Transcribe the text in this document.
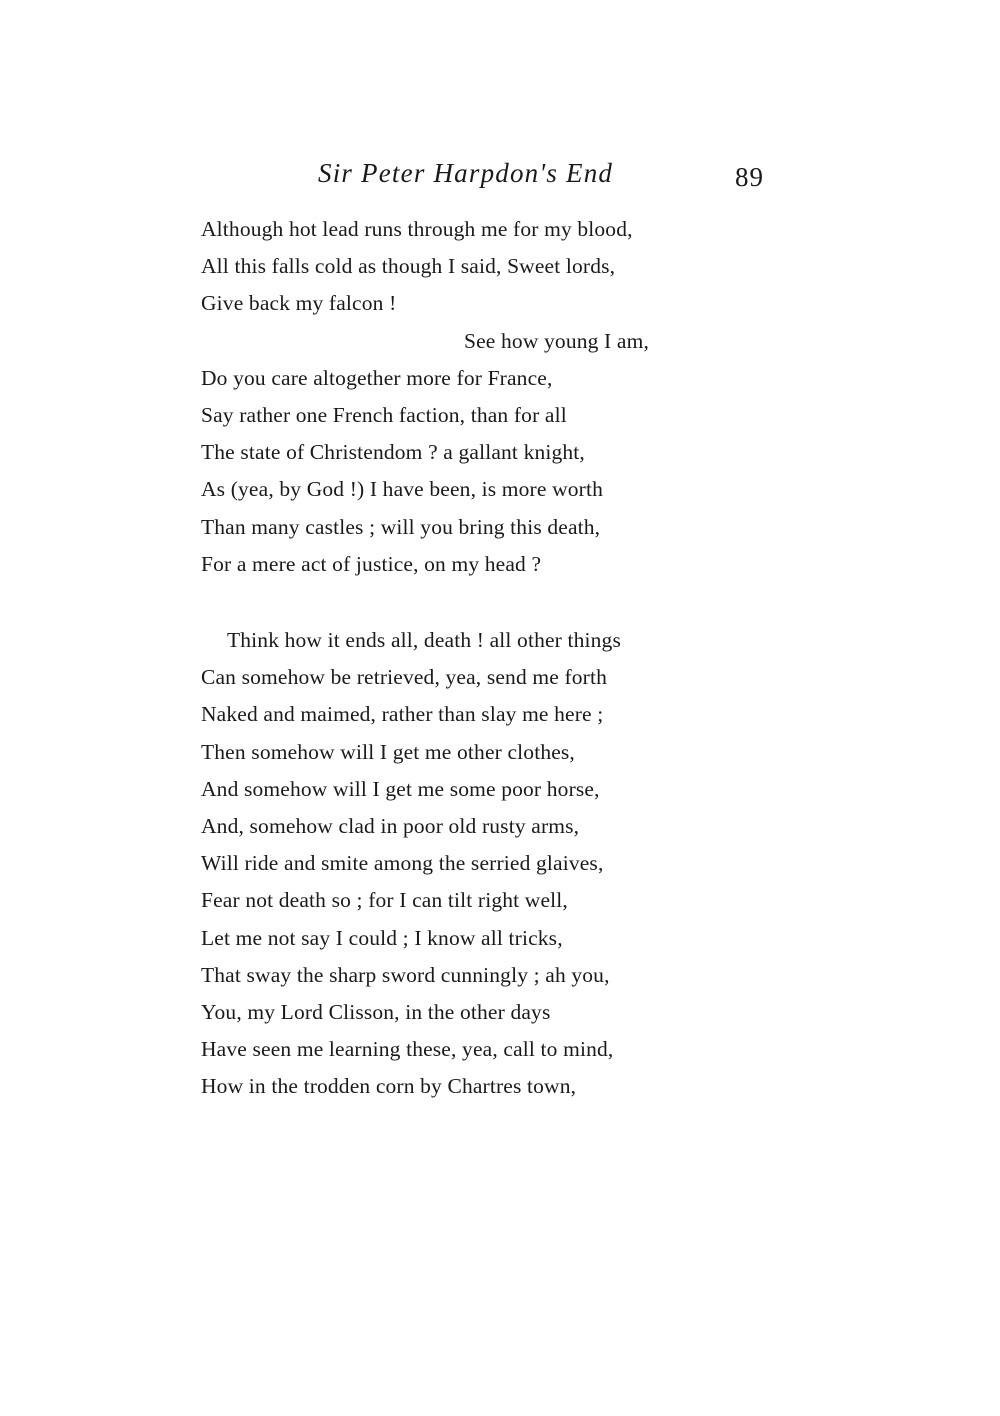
Sir Peter Harpdon's End	89
Although hot lead runs through me for my blood,
All this falls cold as though I said, Sweet lords,
Give back my falcon !
See how young I am,
Do you care altogether more for France,
Say rather one French faction, than for all
The state of Christendom ? a gallant knight,
As (yea, by God !) I have been, is more worth
Than many castles ; will you bring this death,
For a mere act of justice, on my head ?
Think how it ends all, death ! all other things
Can somehow be retrieved, yea, send me forth
Naked and maimed, rather than slay me here ;
Then somehow will I get me other clothes,
And somehow will I get me some poor horse,
And, somehow clad in poor old rusty arms,
Will ride and smite among the serried glaives,
Fear not death so ; for I can tilt right well,
Let me not say I could ; I know all tricks,
That sway the sharp sword cunningly ; ah you,
You, my Lord Clisson, in the other days
Have seen me learning these, yea, call to mind,
How in the trodden corn by Chartres town,
